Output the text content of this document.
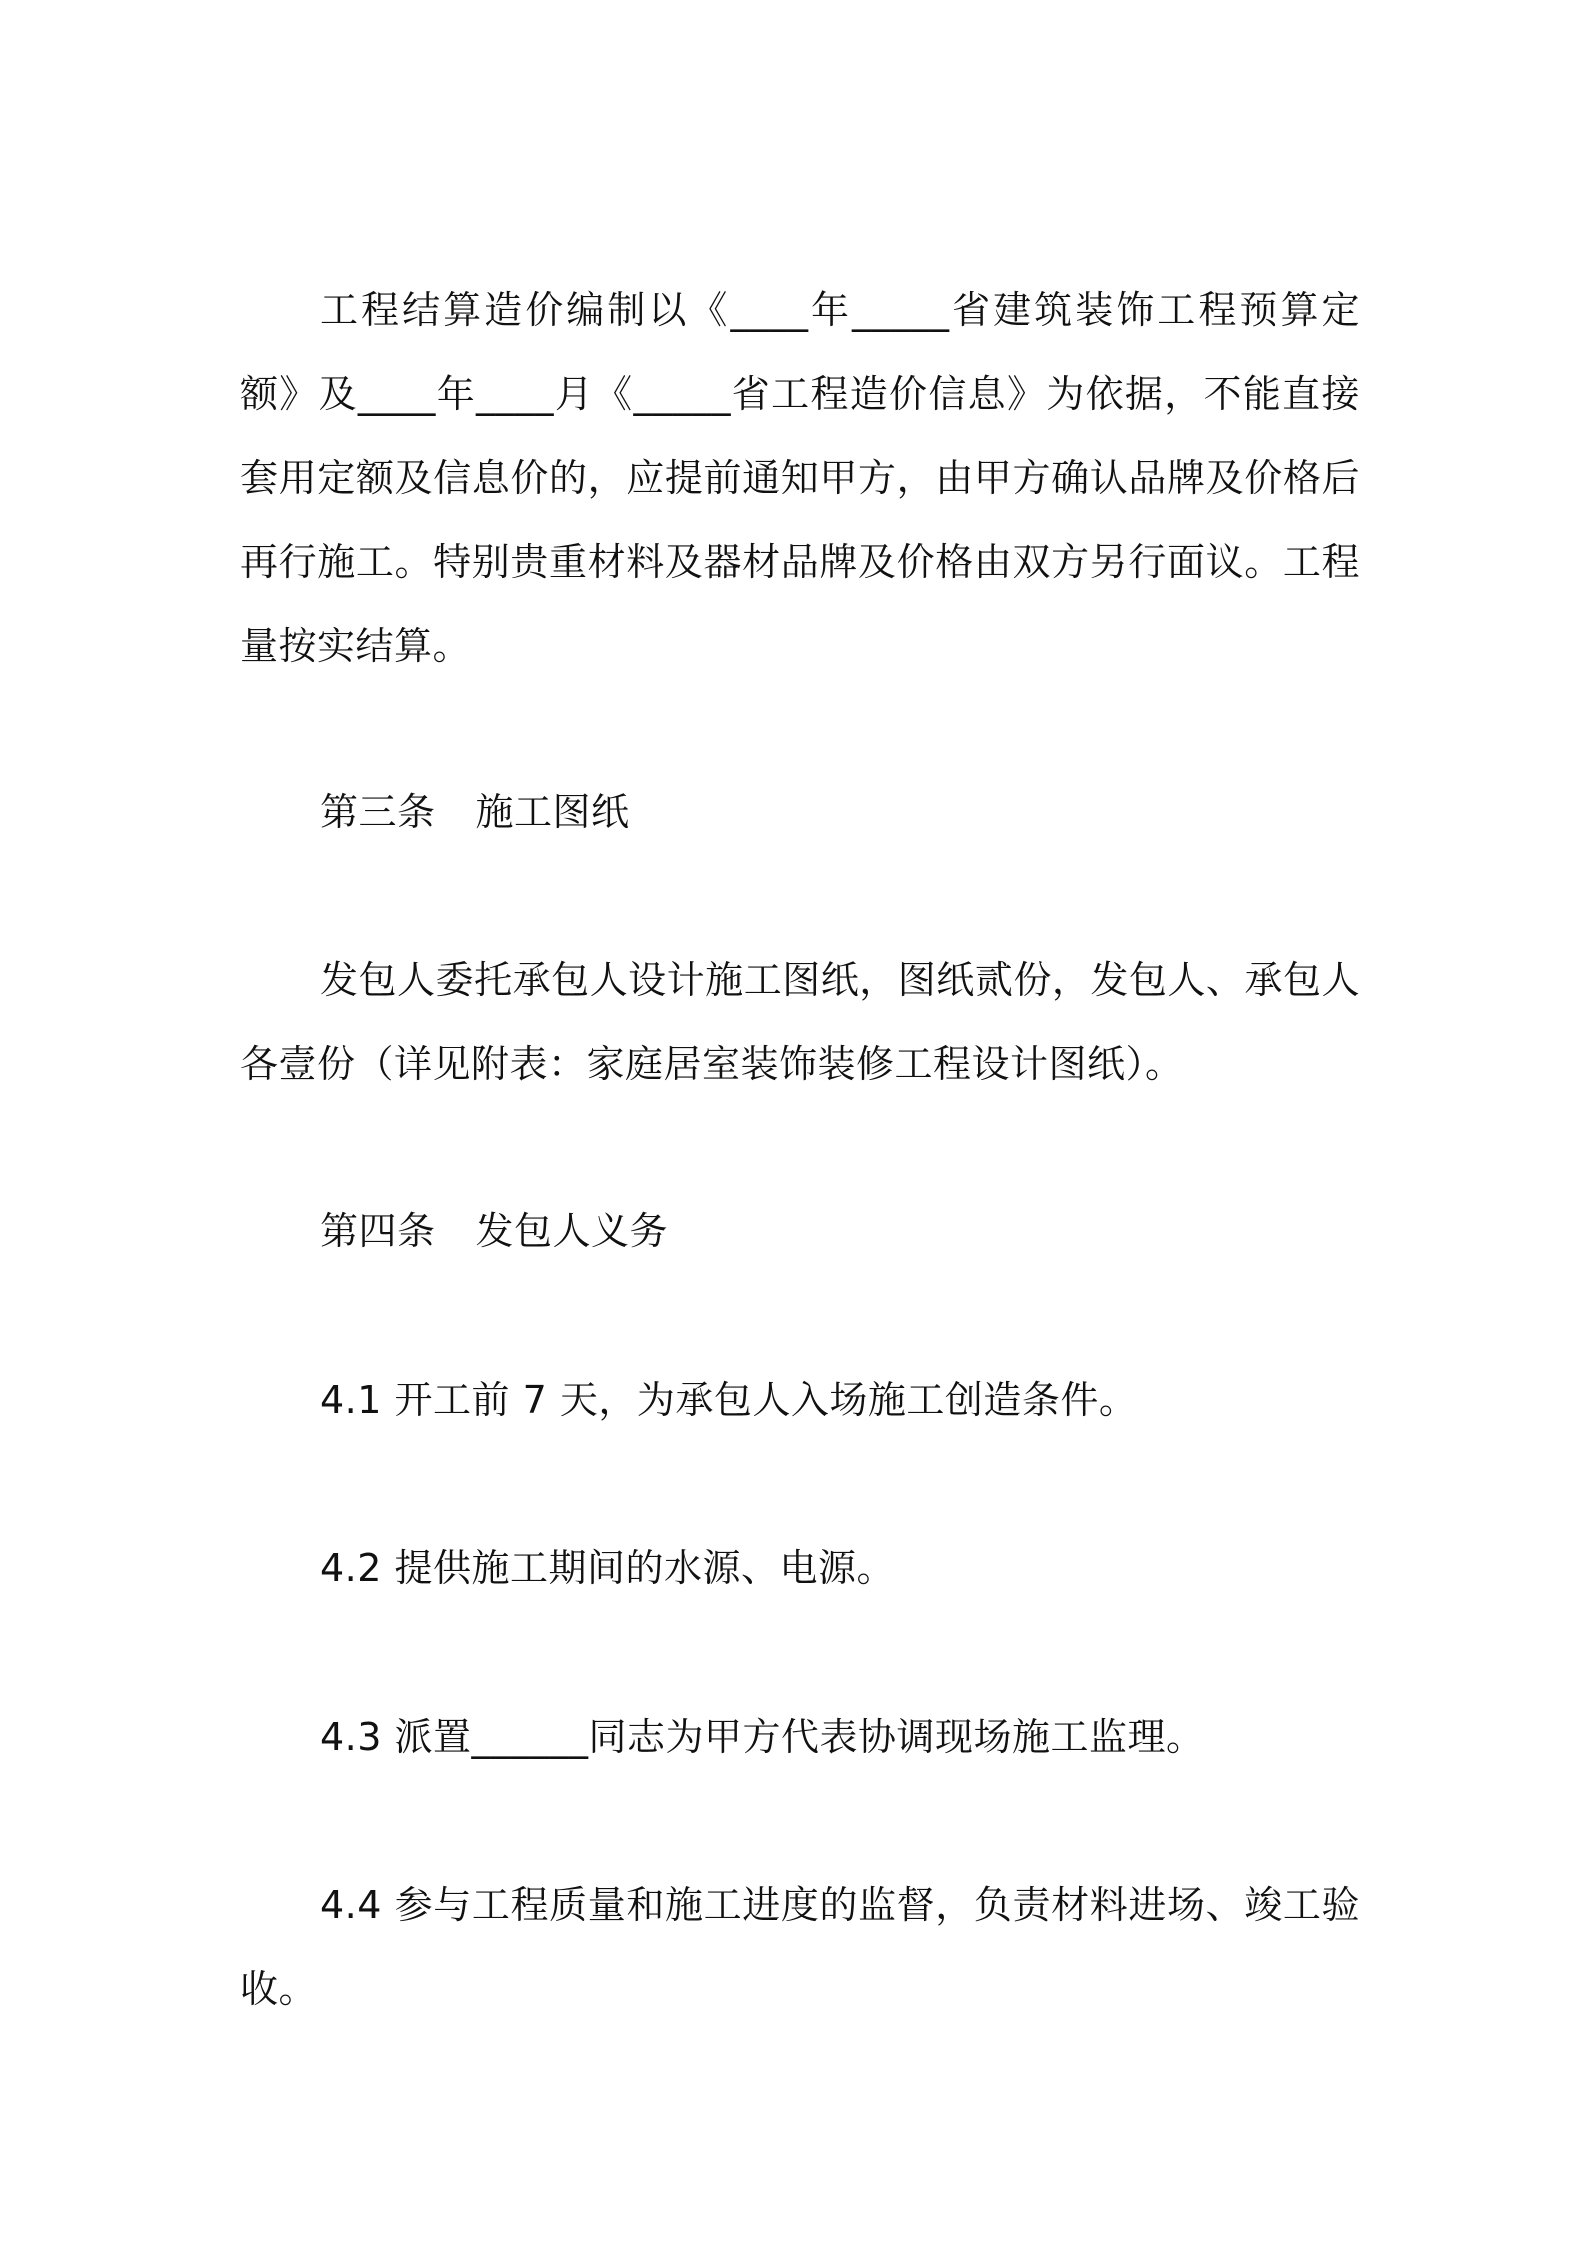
工程结算造价编制以《____年_____省建筑装饰工程预算定额》及____年____月《_____省工程造价信息》为依据，不能直接套用定额及信息价的，应提前通知甲方，由甲方确认品牌及价格后再行施工。特别贵重材料及器材品牌及价格由双方另行面议。工程量按实结算。

第三条 施工图纸

发包人委托承包人设计施工图纸，图纸贰份，发包人、承包人各壹份（详见附表：家庭居室装饰装修工程设计图纸）。

第四条 发包人义务

4.1 开工前 7 天，为承包人入场施工创造条件。

4.2 提供施工期间的水源、电源。

4.3 派置______同志为甲方代表协调现场施工监理。

4.4 参与工程质量和施工进度的监督，负责材料进场、竣工验收。
